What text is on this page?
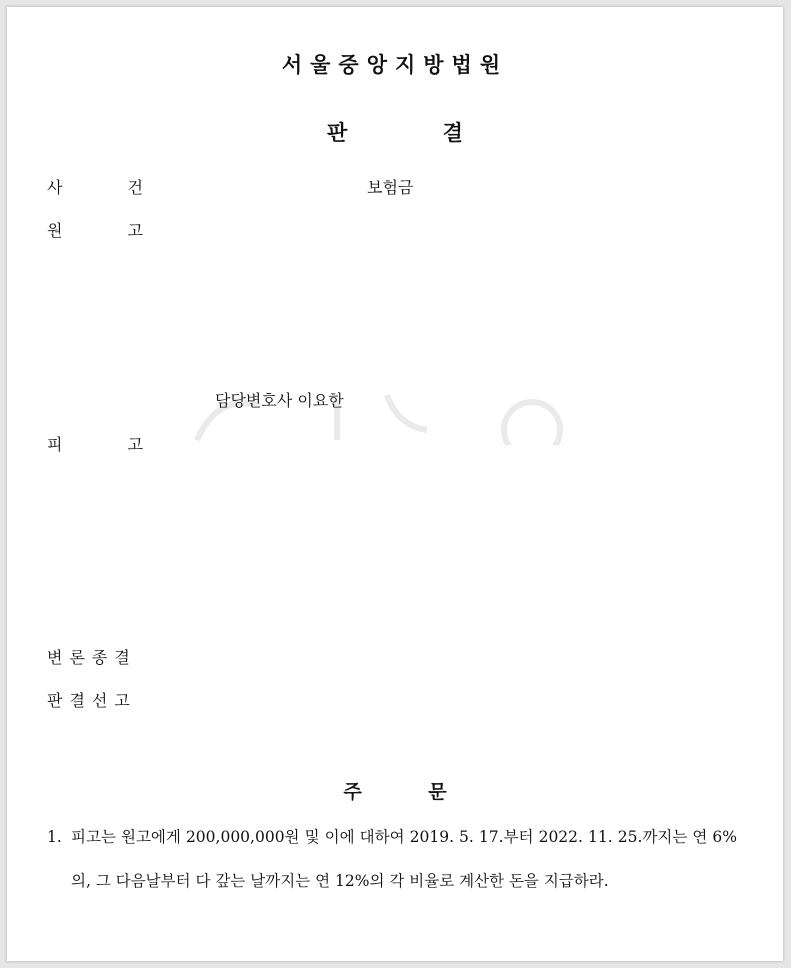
서울중앙지방법원
판 결
사 건	보험금
원 고
담당변호사 이요한
피 고
변론종결
판결선고
주 문
1. 피고는 원고에게 200,000,000원 및 이에 대하여 2019. 5. 17.부터 2022. 11. 25.까지는 연 6%의, 그 다음날부터 다 갚는 날까지는 연 12%의 각 비율로 계산한 돈을 지급하라.
